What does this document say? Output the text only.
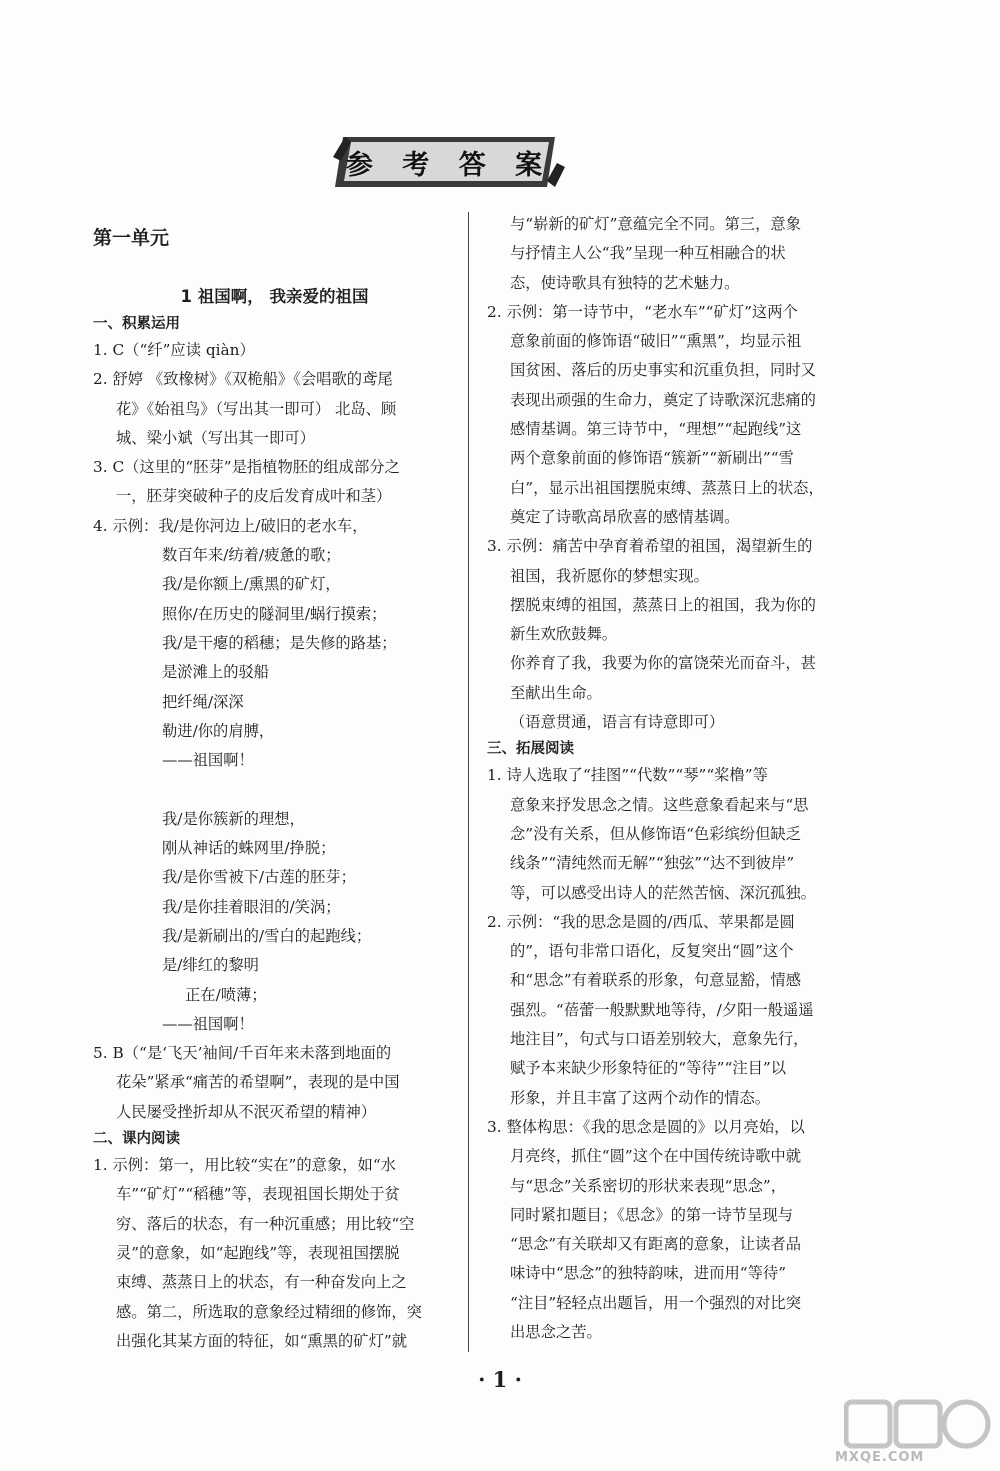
参 考 答 案
第一单元
1 祖国啊， 我亲爱的祖国
一、积累运用
1. C（“纤”应读 qiàn）
2. 舒婷 《致橡树》《双桅船》《会唱歌的鸢尾
花》《始祖鸟》（写出其一即可） 北岛、顾
城、梁小斌（写出其一即可）
3. C（这里的“胚芽”是指植物胚的组成部分之
一，胚芽突破种子的皮后发育成叶和茎）
4. 示例：我/是你河边上/破旧的老水车，
数百年来/纺着/疲惫的歌；
我/是你额上/熏黑的矿灯，
照你/在历史的隧洞里/蜗行摸索；
我/是干瘪的稻穗；是失修的路基；
是淤滩上的驳船
把纤绳/深深
勒进/你的肩膊，
——祖国啊！
我/是你簇新的理想，
刚从神话的蛛网里/挣脱；
我/是你雪被下/古莲的胚芽；
我/是你挂着眼泪的/笑涡；
我/是新刷出的/雪白的起跑线；
是/绯红的黎明
正在/喷薄；
——祖国啊！
5. B（“是‘飞天’袖间/千百年来未落到地面的
花朵”紧承“痛苦的希望啊”，表现的是中国
人民屡受挫折却从不泯灭希望的精神）
二、课内阅读
1. 示例：第一，用比较“实在”的意象，如“水
车”“矿灯”“稻穗”等，表现祖国长期处于贫
穷、落后的状态，有一种沉重感；用比较“空
灵”的意象，如“起跑线”等，表现祖国摆脱
束缚、蒸蒸日上的状态，有一种奋发向上之
感。第二，所选取的意象经过精细的修饰，突
出强化其某方面的特征，如“熏黑的矿灯”就
与“崭新的矿灯”意蕴完全不同。第三，意象
与抒情主人公“我”呈现一种互相融合的状
态，使诗歌具有独特的艺术魅力。
2. 示例：第一诗节中，“老水车”“矿灯”这两个
意象前面的修饰语“破旧”“熏黑”，均显示祖
国贫困、落后的历史事实和沉重负担，同时又
表现出顽强的生命力，奠定了诗歌深沉悲痛的
感情基调。第三诗节中，“理想”“起跑线”这
两个意象前面的修饰语“簇新”“新刷出”“雪
白”，显示出祖国摆脱束缚、蒸蒸日上的状态，
奠定了诗歌高昂欣喜的感情基调。
3. 示例：痛苦中孕育着希望的祖国，渴望新生的
祖国，我祈愿你的梦想实现。
摆脱束缚的祖国，蒸蒸日上的祖国，我为你的
新生欢欣鼓舞。
你养育了我，我要为你的富饶荣光而奋斗，甚
至献出生命。
（语意贯通，语言有诗意即可）
三、拓展阅读
1. 诗人选取了“挂图”“代数”“琴”“桨橹”等
意象来抒发思念之情。这些意象看起来与“思
念”没有关系，但从修饰语“色彩缤纷但缺乏
线条”“清纯然而无解”“独弦”“达不到彼岸”
等，可以感受出诗人的茫然苦恼、深沉孤独。
2. 示例：“我的思念是圆的/西瓜、苹果都是圆
的”，语句非常口语化，反复突出“圆”这个
和“思念”有着联系的形象，句意显豁，情感
强烈。“蓓蕾一般默默地等待，/夕阳一般遥遥
地注目”，句式与口语差别较大，意象先行，
赋予本来缺少形象特征的“等待”“注目”以
形象，并且丰富了这两个动作的情态。
3. 整体构思：《我的思念是圆的》以月亮始，以
月亮终，抓住“圆”这个在中国传统诗歌中就
与“思念”关系密切的形状来表现“思念”，
同时紧扣题目；《思念》的第一诗节呈现与
“思念”有关联却又有距离的意象，让读者品
味诗中“思念”的独特韵味，进而用“等待”
“注目”轻轻点出题旨，用一个强烈的对比突
出思念之苦。
· 1 ·
MXQE.COM
